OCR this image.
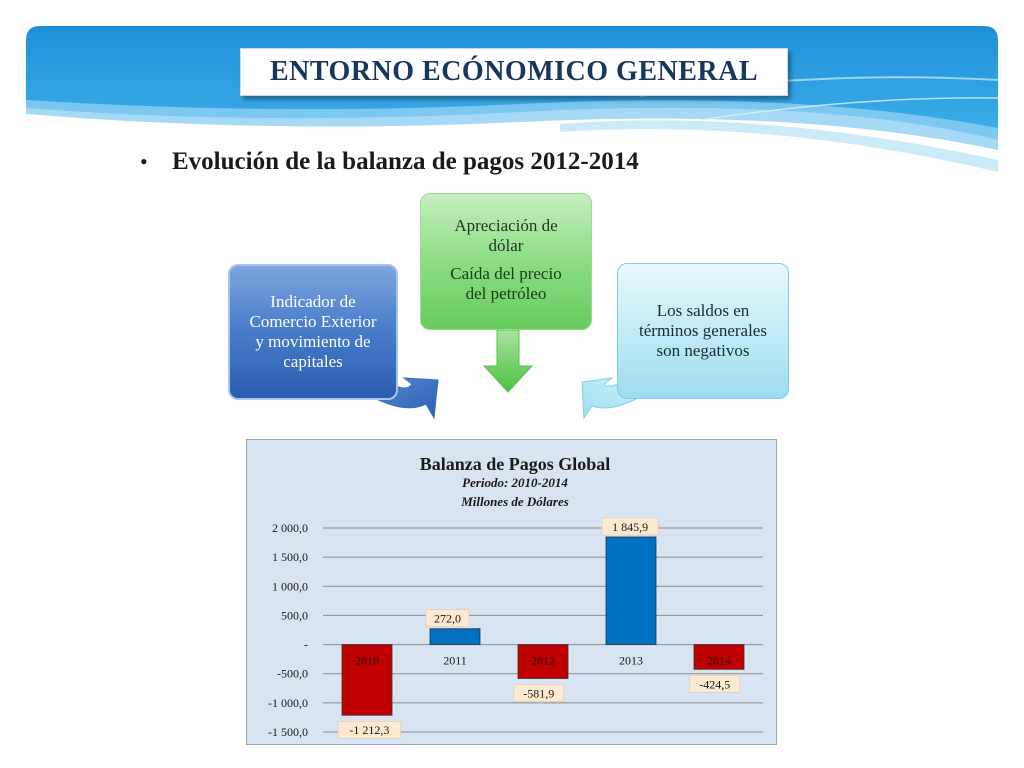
ENTORNO ECÓNOMICO GENERAL
• Evolución de la balanza de pagos 2012-2014
Indicador de
Comercio Exterior
y movimiento de
capitales
Apreciación de
dólar
Caída del precio
del petróleo
Los saldos en
términos generales
son negativos
Balanza de Pagos Global
Periodo: 2010-2014
Millones de Dólares
2 000,0
1 500,0
1 000,0
500,0
-
-500,0
-1 000,0
-1 500,0
2010
-1 212,3
2011
272,0
2012
-581,9
2013
1 845,9
2014
-424,5
